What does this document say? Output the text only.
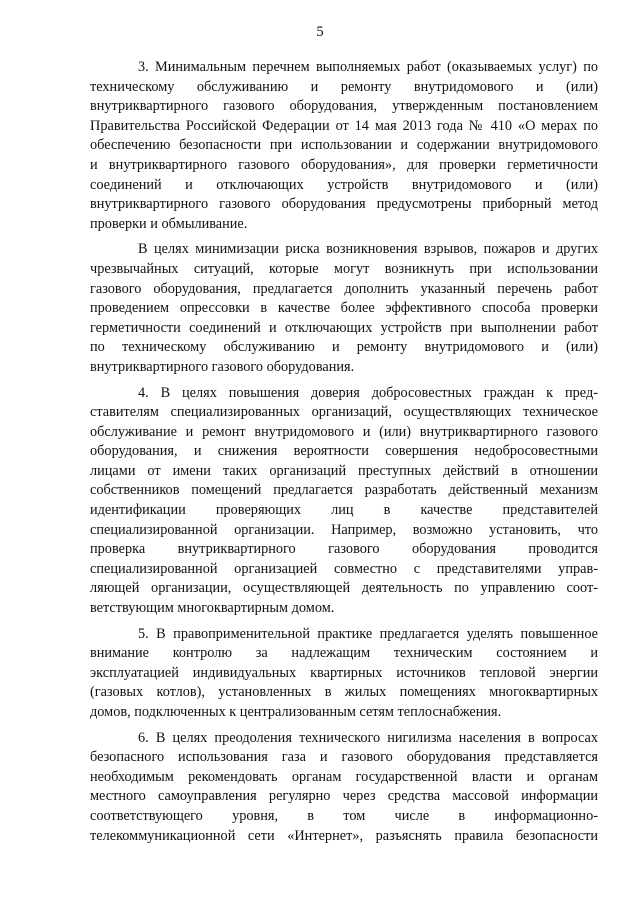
5
3. Минимальным перечнем выполняемых работ (оказываемых услуг) по
техническому обслуживанию и ремонту внутридомового и (или)
внутриквартирного газового оборудования, утвержденным постановлением
Правительства Российской Федерации от 14 мая 2013 года № 410 «О мерах по
обеспечению безопасности при использовании и содержании внутридомового
и внутриквартирного газового оборудования», для проверки герметичности
соединений и отключающих устройств внутридомового и (или)
внутриквартирного газового оборудования предусмотрены приборный метод
проверки и обмыливание.
В целях минимизации риска возникновения взрывов, пожаров и других
чрезвычайных ситуаций, которые могут возникнуть при использовании
газового оборудования, предлагается дополнить указанный перечень работ
проведением опрессовки в качестве более эффективного способа проверки
герметичности соединений и отключающих устройств при выполнении работ
по техническому обслуживанию и ремонту внутридомового и (или)
внутриквартирного газового оборудования.
4. В целях повышения доверия добросовестных граждан к пред-
ставителям специализированных организаций, осуществляющих техническое
обслуживание и ремонт внутридомового и (или) внутриквартирного газового
оборудования, и снижения вероятности совершения недобросовестными
лицами от имени таких организаций преступных действий в отношении
собственников помещений предлагается разработать действенный механизм
идентификации проверяющих лиц в качестве представителей
специализированной организации. Например, возможно установить, что
проверка внутриквартирного газового оборудования проводится
специализированной организацией совместно с представителями управ-
ляющей организации, осуществляющей деятельность по управлению соот-
ветствующим многоквартирным домом.
5. В правоприменительной практике предлагается уделять повышенное
внимание контролю за надлежащим техническим состоянием и
эксплуатацией индивидуальных квартирных источников тепловой энергии
(газовых котлов), установленных в жилых помещениях многоквартирных
домов, подключенных к централизованным сетям теплоснабжения.
6. В целях преодоления технического нигилизма населения в вопросах
безопасного использования газа и газового оборудования представляется
необходимым рекомендовать органам государственной власти и органам
местного самоуправления регулярно через средства массовой информации
соответствующего уровня, в том числе в информационно-
телекоммуникационной сети «Интернет», разъяснять правила безопасности
